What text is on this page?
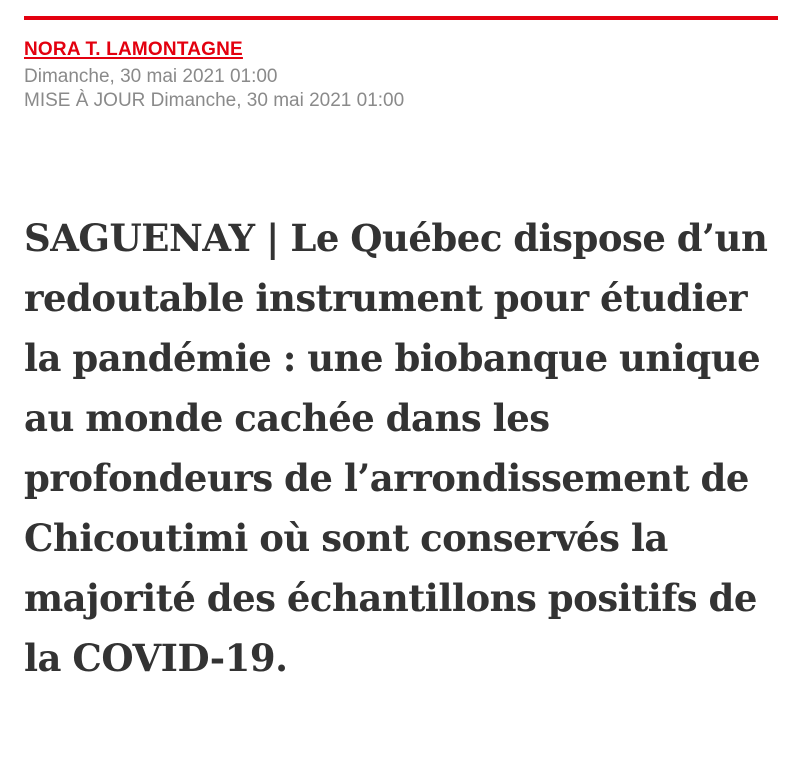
NORA T. LAMONTAGNE
Dimanche, 30 mai 2021 01:00
MISE À JOUR Dimanche, 30 mai 2021 01:00

SAGUENAY | Le Québec dispose d’un redoutable instrument pour étudier la pandémie : une biobanque unique au monde cachée dans les profondeurs de l’arrondissement de Chicoutimi où sont conservés la majorité des échantillons positifs de la COVID-19.
